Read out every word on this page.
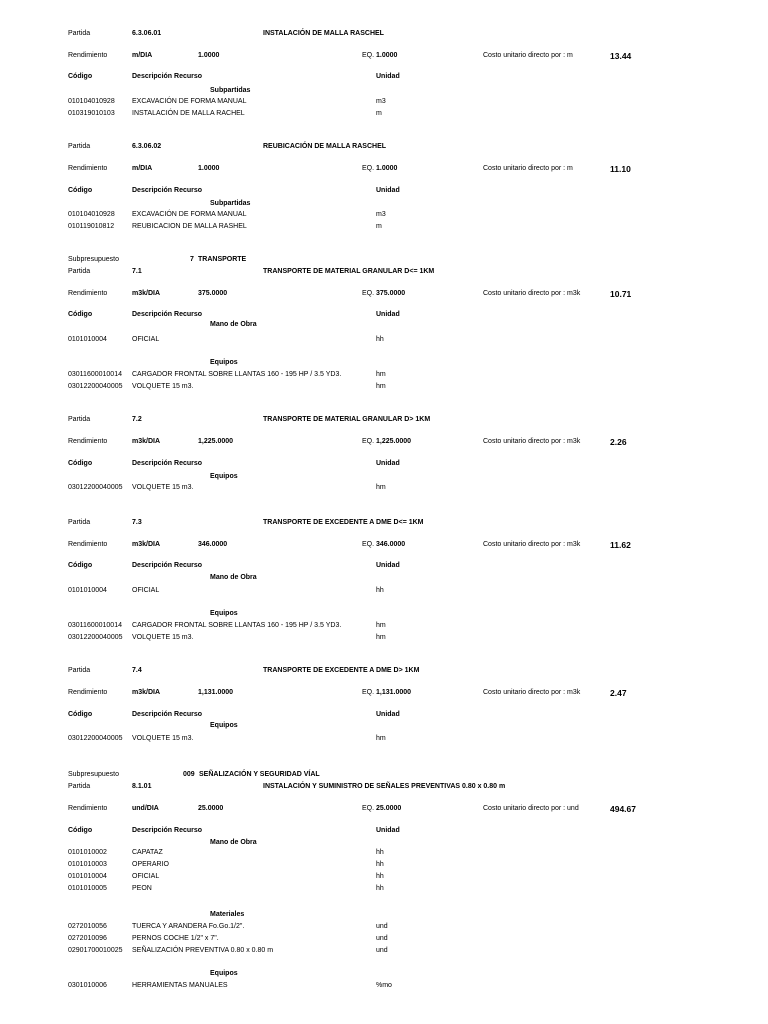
Partida	6.3.06.01	INSTALACIÓN DE MALLA RASCHEL
Rendimiento	m/DIA	1.0000	EQ. 1.0000	Costo unitario directo por : m	13.44
Código	Descripción Recurso	Unidad
Subpartidas
010104010928 EXCAVACIÓN DE FORMA MANUAL	m3
010319010103 INSTALACIÓN DE MALLA RACHEL	m
Partida	6.3.06.02	REUBICACIÓN DE MALLA RASCHEL
Rendimiento	m/DIA	1.0000	EQ. 1.0000	Costo unitario directo por : m	11.10
Código	Descripción Recurso	Unidad
Subpartidas
010104010928 EXCAVACIÓN DE FORMA MANUAL	m3
010119010812	REUBICACION DE MALLA RASHEL	m
Subpresupuesto	7 TRANSPORTE
Partida	7.1	TRANSPORTE DE MATERIAL GRANULAR D<= 1KM
Rendimiento	m3k/DIA	375.0000	EQ. 375.0000	Costo unitario directo por : m3k	10.71
Código	Descripción Recurso	Unidad
Mano de Obra
0101010004	OFICIAL	hh
Equipos
03011600010014 CARGADOR FRONTAL SOBRE LLANTAS 160 - 195 HP / 3.5 YD3.	hm
03012200040005 VOLQUETE 15 m3.	hm
Partida	7.2	TRANSPORTE DE MATERIAL GRANULAR D> 1KM
Rendimiento	m3k/DIA	1,225.0000	EQ. 1,225.0000	Costo unitario directo por : m3k	2.26
Código	Descripción Recurso	Unidad
Equipos
03012200040005 VOLQUETE 15 m3.	hm
Partida	7.3	TRANSPORTE DE EXCEDENTE A DME D<= 1KM
Rendimiento	m3k/DIA	346.0000	EQ. 346.0000	Costo unitario directo por : m3k	11.62
Código	Descripción Recurso	Unidad
Mano de Obra
0101010004	OFICIAL	hh
Equipos
03011600010014 CARGADOR FRONTAL SOBRE LLANTAS 160 - 195 HP / 3.5 YD3.	hm
03012200040005 VOLQUETE 15 m3.	hm
Partida	7.4	TRANSPORTE DE EXCEDENTE A DME D> 1KM
Rendimiento	m3k/DIA	1,131.0000	EQ. 1,131.0000	Costo unitario directo por : m3k	2.47
Código	Descripción Recurso	Unidad
Equipos
03012200040005 VOLQUETE 15 m3.	hm
Subpresupuesto	009 SEÑALIZACIÓN Y SEGURIDAD VÍAL
Partida	8.1.01	INSTALACIÓN Y SUMINISTRO DE SEÑALES PREVENTIVAS 0.80 x 0.80 m
Rendimiento	und/DIA	25.0000	EQ. 25.0000	Costo unitario directo por : und	494.67
Código	Descripción Recurso	Unidad
Mano de Obra
0101010002	CAPATAZ	hh
0101010003	OPERARIO	hh
0101010004	OFICIAL	hh
0101010005	PEON	hh
Materiales
0272010056	TUERCA Y ARANDERA Fo.Go.1/2".	und
0272010096	PERNOS COCHE 1/2" x 7".	und
02901700010025 SEÑALIZACIÓN PREVENTIVA 0.80 x 0.80 m	und
Equipos
0301010006	HERRAMIENTAS MANUALES	%mo
